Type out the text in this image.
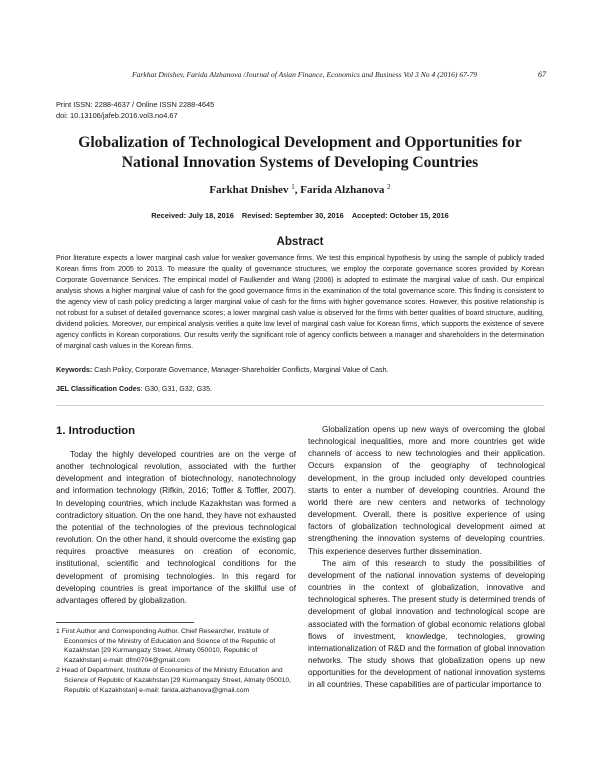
Farkhat Dnishev, Farida Alzhanova /Journal of Asian Finance, Economics and Business Vol 3 No 4 (2016) 67-79	67
Print ISSN: 2288-4637 / Online ISSN 2288-4645
doi: 10.13106/jafeb.2016.vol3.no4.67
Globalization of Technological Development and Opportunities for
National Innovation Systems of Developing Countries
Farkhat Dnishev $^1$, Farida Alzhanova $^2$
Received: July 18, 2016 Revised: September 30, 2016 Accepted: October 15, 2016
Abstract
Prior literature expects a lower marginal cash value for weaker governance firms. We test this empirical hypothesis by using the sample of publicly traded Korean firms from 2005 to 2013. To measure the quality of governance structures, we employ the corporate governance scores provided by Korean Corporate Governance Services. The empirical model of Faulkender and Wang (2006) is adopted to estimate the marginal value of cash. Our empirical analysis shows a higher marginal value of cash for the good governance firms in the examination of the total governance score. This finding is consistent to the agency view of cash policy predicting a larger marginal value of cash for the firms with higher governance scores. However, this positive relationship is not robust for a subset of detailed governance scores; a lower marginal cash value is observed for the firms with better qualities of board structure, auditing, dividend policies. Moreover, our empirical analysis verifies a quite low level of marginal cash value for Korean firms, which supports the existence of severe agency conflicts in Korean corporations. Our results verify the significant role of agency conflicts between a manager and shareholders in the determination of marginal cash values in the Korean firms.
Keywords: Cash Policy, Corporate Governance, Manager-Shareholder Conflicts, Marginal Value of Cash.
JEL Classification Codes: G30, G31, G32, G35.
1. Introduction

Today the highly developed countries are on the verge of another technological revolution, associated with the further development and integration of biotechnology, nanotechnology and information technology (Rifkin, 2016; Toffler & Toffler, 2007). In developing countries, which include Kazakhstan was formed a contradictory situation. On the one hand, they have not exhausted the potential of the technologies of the previous technological revolution. On the other hand, it should overcome the existing gap requires proactive measures on creation of economic, institutional, scientific and technological conditions for the development of promising technologies. In this regard for developing countries is great importance of the skillful use of advantages offered by globalization.

1 First Author and Corresponding Author. Chief Researcher, Institute of Economics of the Ministry of Education and Science of the Republic of Kazakhstan [29 Kurmangazy Street, Almaty 050010, Republic of Kazakhstan] e-mail: dfm0704@gmail.com

2 Head of Department, Institute of Economics of the Ministry Education and Science of Republic of Kazakhstan [29 Kurmangazy Street, Almaty 050010, Republic of Kazakhstan] e-mail: farida.alzhanova@gmail.com

Globalization opens up new ways of overcoming the global technological inequalities, more and more countries get wide channels of access to new technologies and their application. Occurs expansion of the geography of technological development, in the group included only developed countries starts to enter a number of developing countries. Around the world there are new centers and networks of technology development. Overall, there is positive experience of using factors of globalization technological development aimed at strengthening the innovation systems of developing countries. This experience deserves further dissemination.

The aim of this research to study the possibilities of development of the national innovation systems of developing countries in the context of globalization, innovative and technological spheres. The present study is determined trends of development of global innovation and technological scope are associated with the formation of global economic relations global flows of investment, knowledge, technologies, growing internationalization of R&D and the formation of global innovation networks. The study shows that globalization opens up new opportunities for the development of national innovation systems in all countries. These capabilities are of particular importance to
